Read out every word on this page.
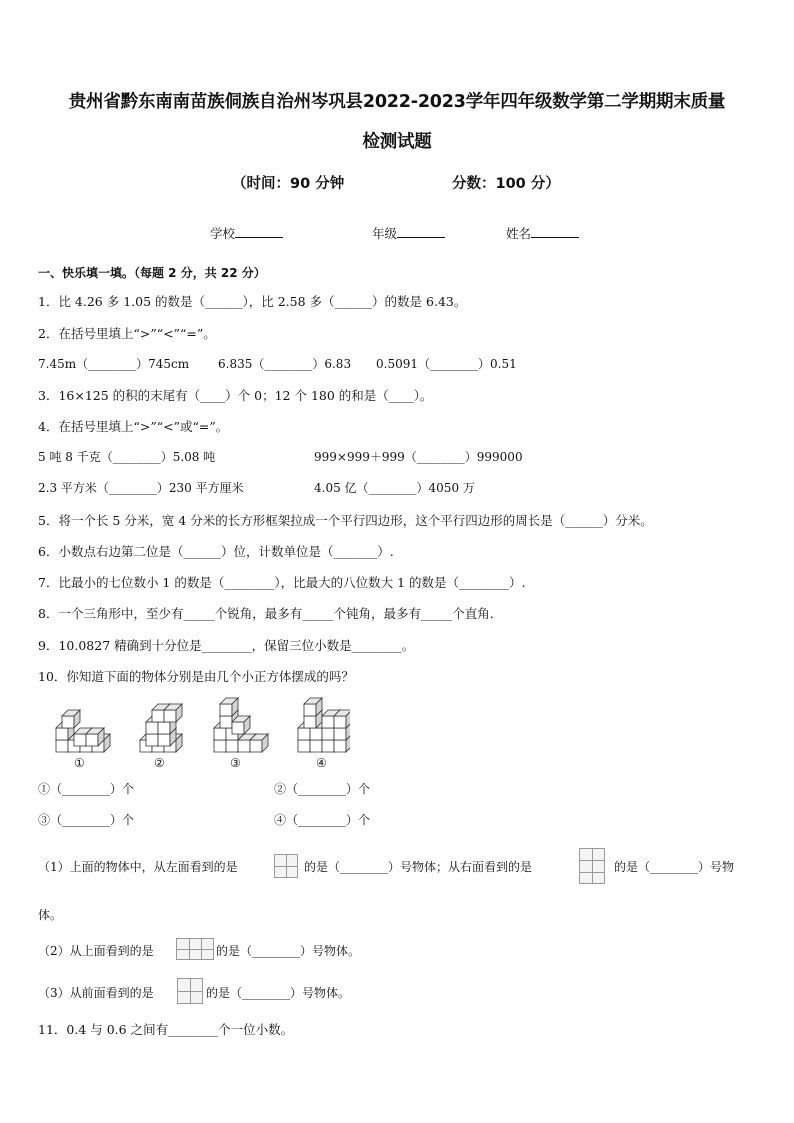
贵州省黔东南南苗族侗族自治州岑巩县2022-2023学年四年级数学第二学期期末质量
检测试题
（时间：90 分钟	分数：100 分）
学校	年级	姓名
一、快乐填一填。（每题 2 分，共 22 分）
1．比 4.26 多 1.05 的数是（______），比 2.58 多（______）的数是 6.43。
2．在括号里填上“>”“<”“=”。
7.45m（________）745cm 6.835（________）6.83 0.5091（________）0.51
3．16×125 的积的末尾有（____）个 0；12 个 180 的和是（____）。
4．在括号里填上“>”“<”或“=”。
5 吨 8 千克（________）5.08 吨	999×999＋999（________）999000
2.3 平方米（________）230 平方厘米	4.05 亿（________）4050 万
5．将一个长 5 分米，宽 4 分米的长方形框架拉成一个平行四边形，这个平行四边形的周长是（______）分米。
6．小数点右边第二位是（______）位，计数单位是（_______）.
7．比最小的七位数小 1 的数是（________），比最大的八位数大 1 的数是（________）.
8．一个三角形中，至少有_____个锐角，最多有_____个钝角，最多有_____个直角．
9．10.0827 精确到十分位是________，保留三位小数是________。
10．你知道下面的物体分别是由几个小正方体摆成的吗？
①	②	③	④
①（________）个	②（________）个
③（________）个	④（________）个
（1）上面的物体中，从左面看到的是	的是（________）号物体；从右面看到的是	的是（________）号物
体。
（2）从上面看到的是	的是（________）号物体。
（3）从前面看到的是	的是（________）号物体。
11．0.4 与 0.6 之间有________个一位小数。
